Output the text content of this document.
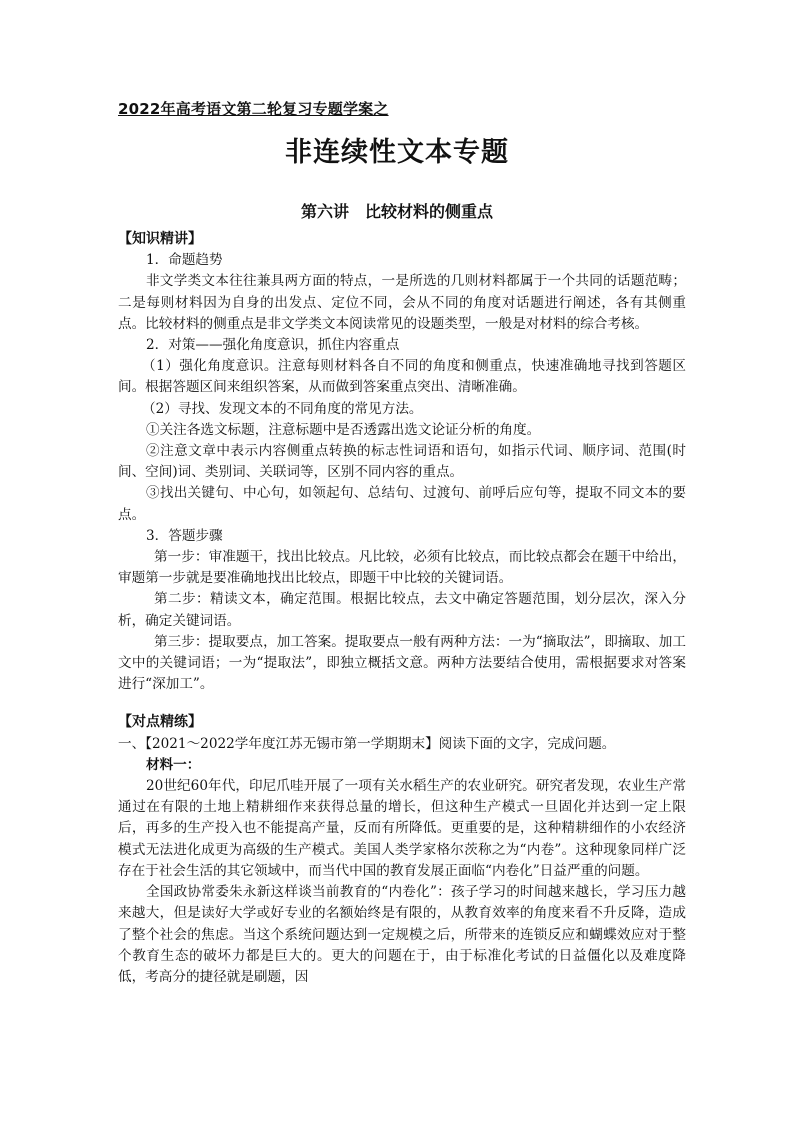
2022年高考语文第二轮复习专题学案之
非连续性文本专题
第六讲　比较材料的侧重点
【知识精讲】

1．命题趋势

非文学类文本往往兼具两方面的特点，一是所选的几则材料都属于一个共同的话题范畴；二是每则材料因为自身的出发点、定位不同，会从不同的角度对话题进行阐述，各有其侧重点。比较材料的侧重点是非文学类文本阅读常见的设题类型，一般是对材料的综合考核。

2．对策——强化角度意识，抓住内容重点

（1）强化角度意识。注意每则材料各自不同的角度和侧重点，快速准确地寻找到答题区间。根据答题区间来组织答案，从而做到答案重点突出、清晰准确。

（2）寻找、发现文本的不同角度的常见方法。

①关注各选文标题，注意标题中是否透露出选文论证分析的角度。

②注意文章中表示内容侧重点转换的标志性词语和语句，如指示代词、顺序词、范围(时间、空间)词、类别词、关联词等，区别不同内容的重点。

③找出关键句、中心句，如领起句、总结句、过渡句、前呼后应句等，提取不同文本的要点。

3．答题步骤

第一步：审准题干，找出比较点。凡比较，必须有比较点，而比较点都会在题干中给出，审题第一步就是要准确地找出比较点，即题干中比较的关键词语。

第二步：精读文本，确定范围。根据比较点，去文中确定答题范围，划分层次，深入分析，确定关键词语。

第三步：提取要点，加工答案。提取要点一般有两种方法：一为“摘取法”，即摘取、加工文中的关键词语；一为“提取法”，即独立概括文意。两种方法要结合使用，需根据要求对答案进行“深加工”。

【对点精练】

一、【2021～2022学年度江苏无锡市第一学期期末】阅读下面的文字，完成问题。

材料一：

20世纪60年代，印尼爪哇开展了一项有关水稻生产的农业研究。研究者发现，农业生产常通过在有限的土地上精耕细作来获得总量的增长，但这种生产模式一旦固化并达到一定上限后，再多的生产投入也不能提高产量，反而有所降低。更重要的是，这种精耕细作的小农经济模式无法进化成更为高级的生产模式。美国人类学家格尔茨称之为“内卷”。这种现象同样广泛存在于社会生活的其它领域中，而当代中国的教育发展正面临“内卷化”日益严重的问题。

全国政协常委朱永新这样谈当前教育的“内卷化”：孩子学习的时间越来越长，学习压力越来越大，但是读好大学或好专业的名额始终是有限的，从教育效率的角度来看不升反降，造成了整个社会的焦虑。当这个系统问题达到一定规模之后，所带来的连锁反应和蝴蝶效应对于整个教育生态的破坏力都是巨大的。更大的问题在于，由于标准化考试的日益僵化以及难度降低，考高分的捷径就是刷题，因
